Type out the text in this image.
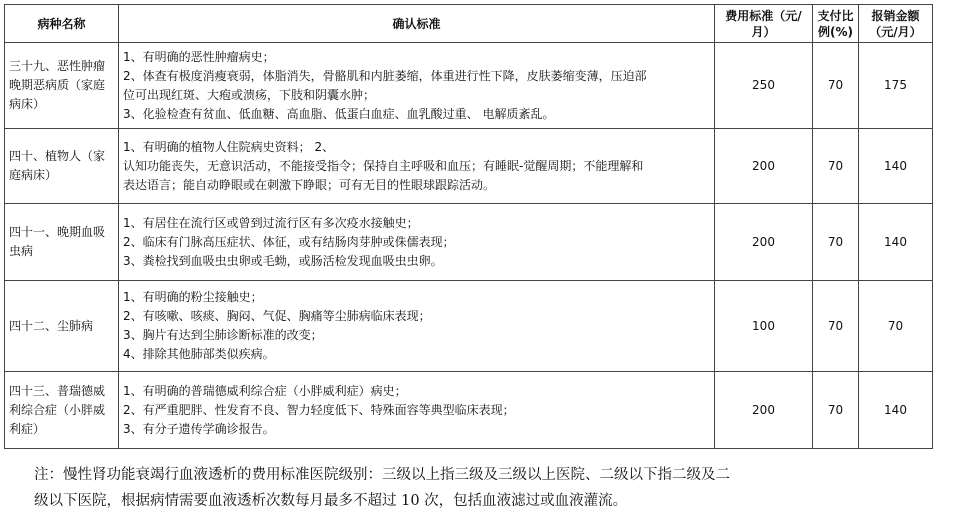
病种名称	确认标准	费用标准（元/月）	支付比例(%)	报销金额（元/月）
三十九、恶性肿瘤晚期恶病质（家庭病床）	1、有明确的恶性肿瘤病史；
2、体查有极度消瘦衰弱，体脂消失，骨骼肌和内脏萎缩，体重进行性下降，皮肤萎缩变薄，压迫部
位可出现红斑、大疱或溃疡，下肢和阴囊水肿；
3、化验检查有贫血、低血糖、高血脂、低蛋白血症、血乳酸过重、 电解质紊乱。	250	70	175
四十、植物人（家庭病床）	1、有明确的植物人住院病史资料； 2、
认知功能丧失，无意识活动，不能接受指令；保持自主呼吸和血压；有睡眠-觉醒周期；不能理解和
表达语言；能自动睁眼或在刺激下睁眼；可有无目的性眼球跟踪活动。	200	70	140
四十一、晚期血吸虫病	1、有居住在流行区或曾到过流行区有多次疫水接触史；
2、临床有门脉高压症状、体征，或有结肠肉芽肿或侏儒表现；
3、粪检找到血吸虫虫卵或毛蚴，或肠活检发现血吸虫虫卵。	200	70	140
四十二、尘肺病	1、有明确的粉尘接触史；
2、有咳嗽、咳痰、胸闷、气促、胸痛等尘肺病临床表现；
3、胸片有达到尘肺诊断标准的改变；
4、排除其他肺部类似疾病。	100	70	70
四十三、普瑞德威利综合症（小胖威利症）	1、有明确的普瑞德威利综合症（小胖威利症）病史；
2、有严重肥胖、性发育不良、智力轻度低下、特殊面容等典型临床表现；
3、有分子遗传学确诊报告。	200	70	140
注：慢性肾功能衰竭行血液透析的费用标准医院级别：三级以上指三级及三级以上医院、二级以下指二级及二
级以下医院，根据病情需要血液透析次数每月最多不超过 10 次，包括血液滤过或血液灌流。
